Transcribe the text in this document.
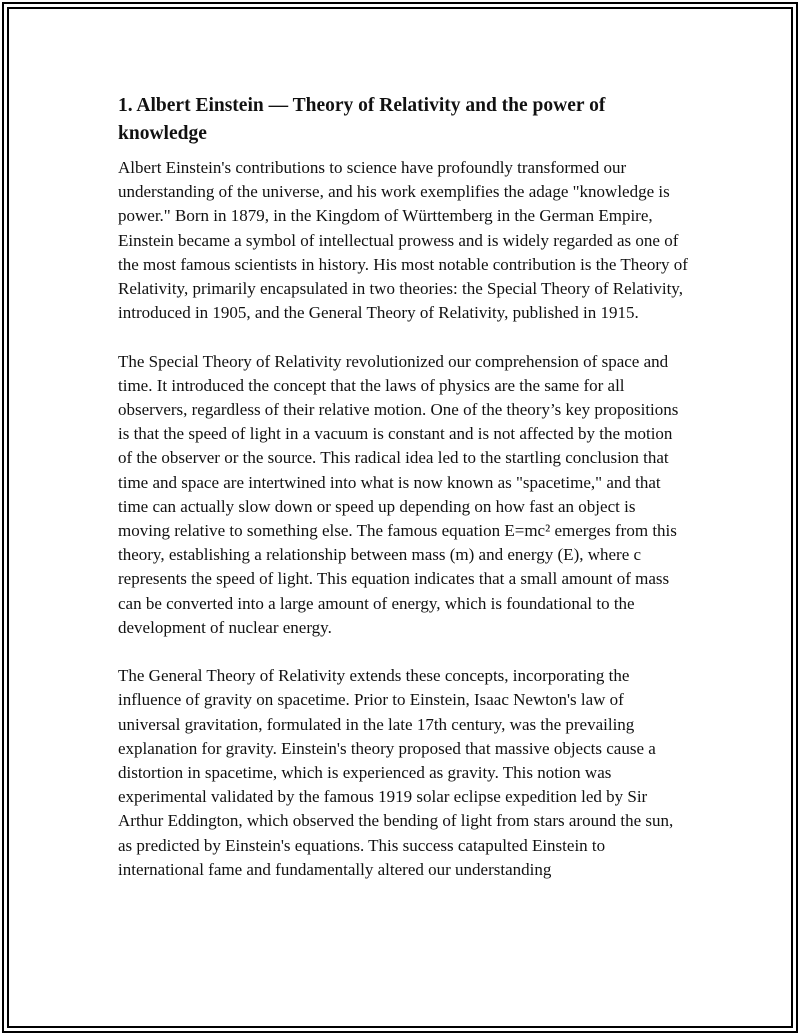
1. Albert Einstein — Theory of Relativity and the power of knowledge

Albert Einstein's contributions to science have profoundly transformed our understanding of the universe, and his work exemplifies the adage "knowledge is power." Born in 1879, in the Kingdom of Württemberg in the German Empire, Einstein became a symbol of intellectual prowess and is widely regarded as one of the most famous scientists in history. His most notable contribution is the Theory of Relativity, primarily encapsulated in two theories: the Special Theory of Relativity, introduced in 1905, and the General Theory of Relativity, published in 1915.

The Special Theory of Relativity revolutionized our comprehension of space and time. It introduced the concept that the laws of physics are the same for all observers, regardless of their relative motion. One of the theory’s key propositions is that the speed of light in a vacuum is constant and is not affected by the motion of the observer or the source. This radical idea led to the startling conclusion that time and space are intertwined into what is now known as "spacetime," and that time can actually slow down or speed up depending on how fast an object is moving relative to something else. The famous equation E=mc² emerges from this theory, establishing a relationship between mass (m) and energy (E), where c represents the speed of light. This equation indicates that a small amount of mass can be converted into a large amount of energy, which is foundational to the development of nuclear energy.

The General Theory of Relativity extends these concepts, incorporating the influence of gravity on spacetime. Prior to Einstein, Isaac Newton's law of universal gravitation, formulated in the late 17th century, was the prevailing explanation for gravity. Einstein's theory proposed that massive objects cause a distortion in spacetime, which is experienced as gravity. This notion was experimental validated by the famous 1919 solar eclipse expedition led by Sir Arthur Eddington, which observed the bending of light from stars around the sun, as predicted by Einstein's equations. This success catapulted Einstein to international fame and fundamentally altered our understanding
